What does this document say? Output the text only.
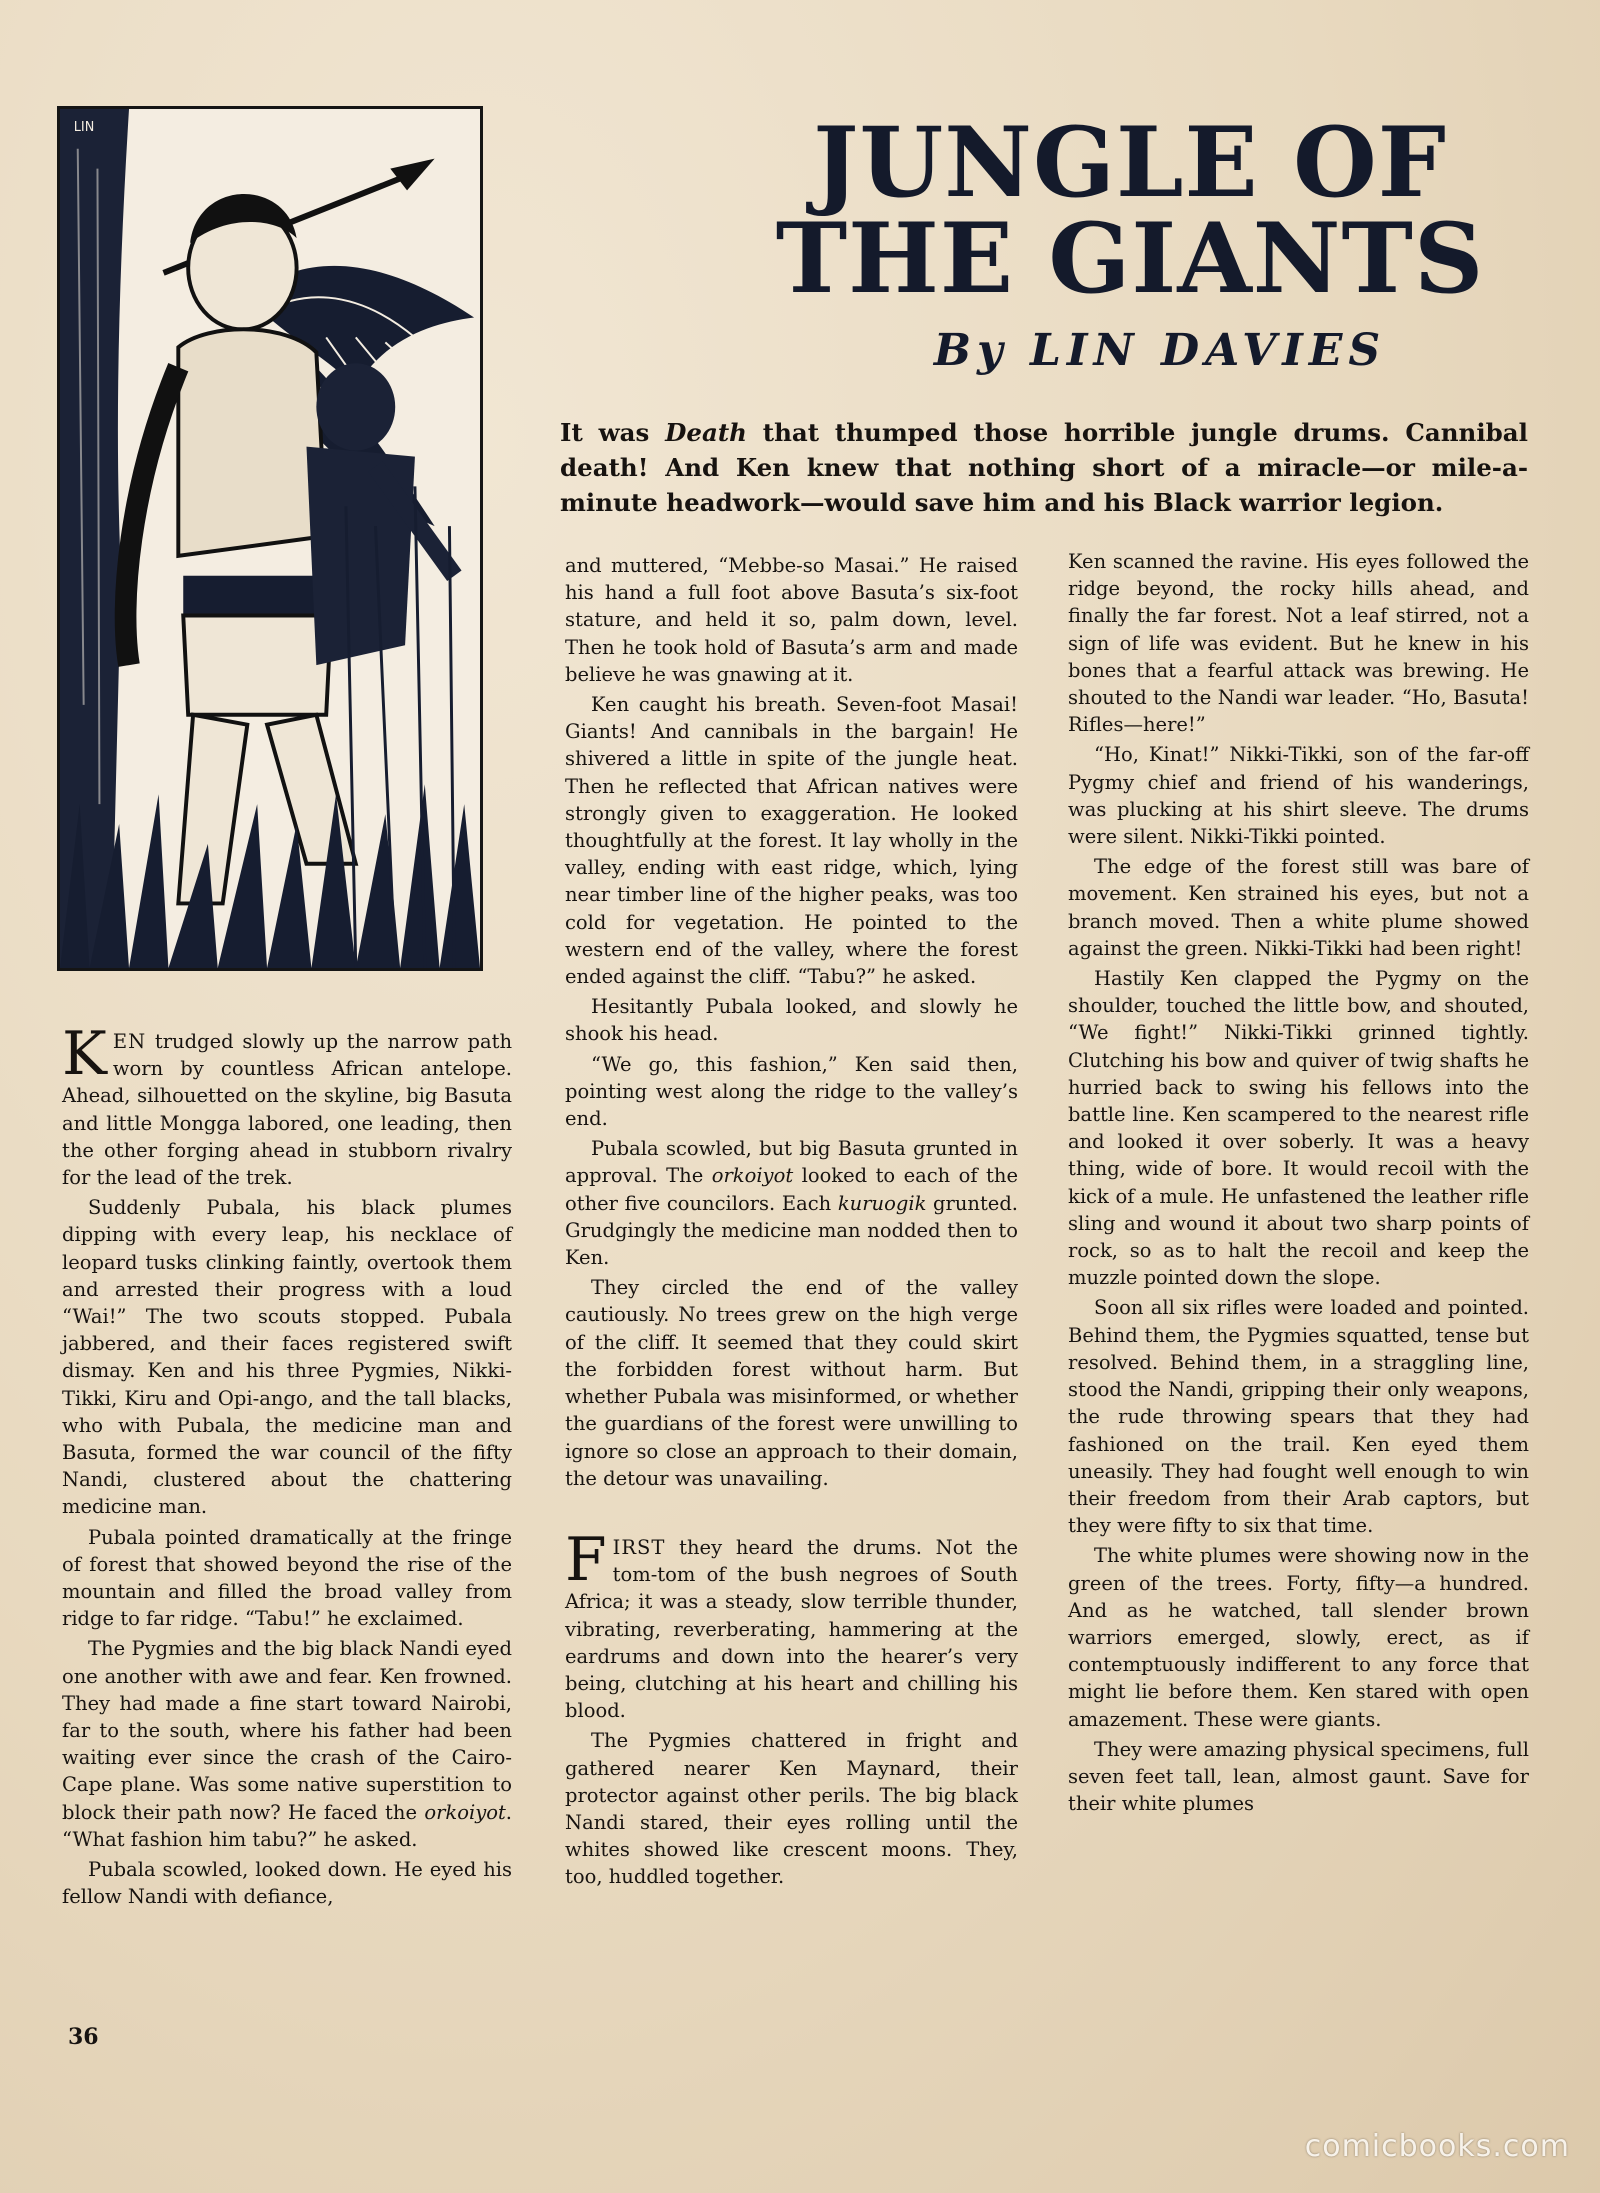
LIN	JUNGLE OF THE GIANTS
By LIN DAVIES

It was Death that thumped those horrible jungle drums. Cannibal death! And Ken knew that nothing short of a miracle—or mile-a-minute headwork—would save him and his Black warrior legion.

KEN trudged slowly up the narrow path worn by countless African antelope. Ahead, silhouetted on the skyline, big Basuta and little Mongga labored, one leading, then the other forging ahead in stubborn rivalry for the lead of the trek.

Suddenly Pubala, his black plumes dipping with every leap, his necklace of leopard tusks clinking faintly, overtook them and arrested their progress with a loud “Wai!” The two scouts stopped. Pubala jabbered, and their faces registered swift dismay. Ken and his three Pygmies, Nikki-Tikki, Kiru and Opi-ango, and the tall blacks, who with Pubala, the medicine man and Basuta, formed the war council of the fifty Nandi, clustered about the chattering medicine man.

Pubala pointed dramatically at the fringe of forest that showed beyond the rise of the mountain and filled the broad valley from ridge to far ridge. “Tabu!” he exclaimed.

The Pygmies and the big black Nandi eyed one another with awe and fear. Ken frowned. They had made a fine start toward Nairobi, far to the south, where his father had been waiting ever since the crash of the Cairo-Cape plane. Was some native superstition to block their path now? He faced the orkoiyot. “What fashion him tabu?” he asked.

Pubala scowled, looked down. He eyed his fellow Nandi with defiance,

and muttered, “Mebbe-so Masai.” He raised his hand a full foot above Basuta’s six-foot stature, and held it so, palm down, level. Then he took hold of Basuta’s arm and made believe he was gnawing at it.

Ken caught his breath. Seven-foot Masai! Giants! And cannibals in the bargain! He shivered a little in spite of the jungle heat. Then he reflected that African natives were strongly given to exaggeration. He looked thoughtfully at the forest. It lay wholly in the valley, ending with east ridge, which, lying near timber line of the higher peaks, was too cold for vegetation. He pointed to the western end of the valley, where the forest ended against the cliff. “Tabu?” he asked.

Hesitantly Pubala looked, and slowly he shook his head.

“We go, this fashion,” Ken said then, pointing west along the ridge to the valley’s end.

Pubala scowled, but big Basuta grunted in approval. The orkoiyot looked to each of the other five councilors. Each kuruogik grunted. Grudgingly the medicine man nodded then to Ken.

They circled the end of the valley cautiously. No trees grew on the high verge of the cliff. It seemed that they could skirt the forbidden forest without harm. But whether Pubala was misinformed, or whether the guardians of the forest were unwilling to ignore so close an approach to their domain, the detour was unavailing.

FIRST they heard the drums. Not the tom-tom of the bush negroes of South Africa; it was a steady, slow terrible thunder, vibrating, reverberating, hammering at the eardrums and down into the hearer’s very being, clutching at his heart and chilling his blood.

The Pygmies chattered in fright and gathered nearer Ken Maynard, their protector against other perils. The big black Nandi stared, their eyes rolling until the whites showed like crescent moons. They, too, huddled together.

Ken scanned the ravine. His eyes followed the ridge beyond, the rocky hills ahead, and finally the far forest. Not a leaf stirred, not a sign of life was evident. But he knew in his bones that a fearful attack was brewing. He shouted to the Nandi war leader. “Ho, Basuta! Rifles—here!”

“Ho, Kinat!” Nikki-Tikki, son of the far-off Pygmy chief and friend of his wanderings, was plucking at his shirt sleeve. The drums were silent. Nikki-Tikki pointed.

The edge of the forest still was bare of movement. Ken strained his eyes, but not a branch moved. Then a white plume showed against the green. Nikki-Tikki had been right!

Hastily Ken clapped the Pygmy on the shoulder, touched the little bow, and shouted, “We fight!” Nikki-Tikki grinned tightly. Clutching his bow and quiver of twig shafts he hurried back to swing his fellows into the battle line. Ken scampered to the nearest rifle and looked it over soberly. It was a heavy thing, wide of bore. It would recoil with the kick of a mule. He unfastened the leather rifle sling and wound it about two sharp points of rock, so as to halt the recoil and keep the muzzle pointed down the slope.

Soon all six rifles were loaded and pointed. Behind them, the Pygmies squatted, tense but resolved. Behind them, in a straggling line, stood the Nandi, gripping their only weapons, the rude throwing spears that they had fashioned on the trail. Ken eyed them uneasily. They had fought well enough to win their freedom from their Arab captors, but they were fifty to six that time.

The white plumes were showing now in the green of the trees. Forty, fifty—a hundred. And as he watched, tall slender brown warriors emerged, slowly, erect, as if contemptuously indifferent to any force that might lie before them. Ken stared with open amazement. These were giants.

They were amazing physical specimens, full seven feet tall, lean, almost gaunt. Save for their white plumes

36
comicbooks.com
